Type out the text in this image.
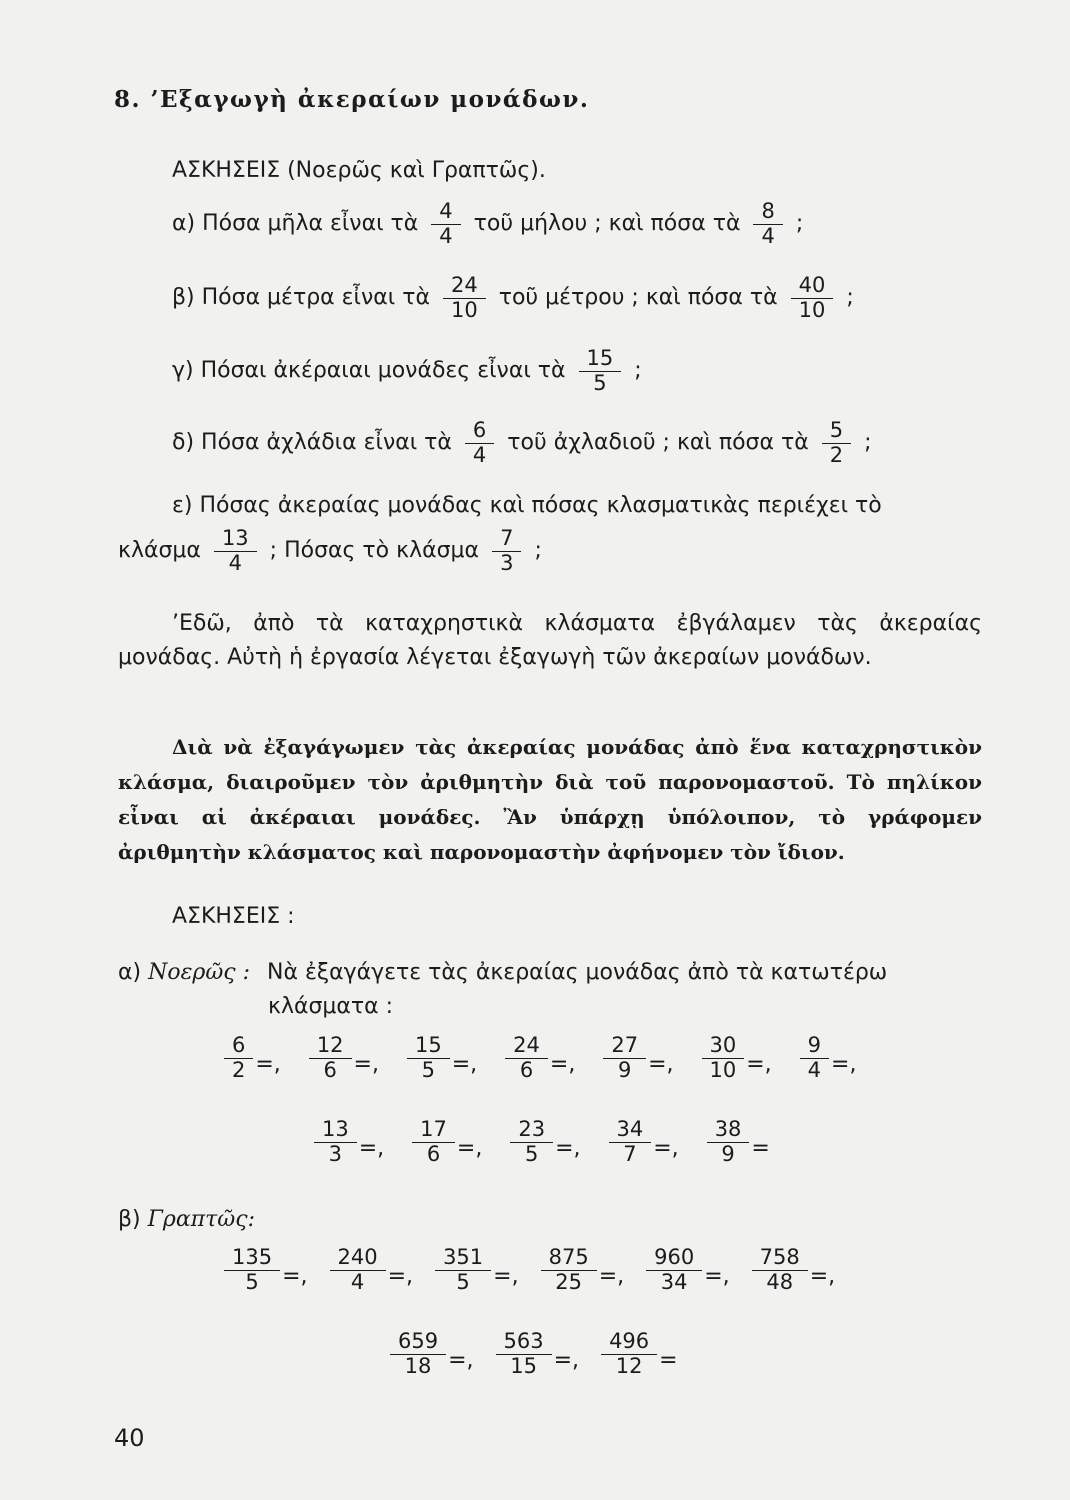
8. ’Εξαγωγὴ ἀκεραίων μονάδων.
ΑΣΚΗΣΕΙΣ (Νοερῶς καὶ Γραπτῶς).
α) Πόσα μῆλα εἶναι τὰ $\frac{4}{4}$ τοῦ μήλου ; καὶ πόσα τὰ $\frac{8}{4}$ ;
β) Πόσα μέτρα εἶναι τὰ $\frac{24}{10}$ τοῦ μέτρου ; καὶ πόσα τὰ $\frac{40}{10}$ ;
γ) Πόσαι ἀκέραιαι μονάδες εἶναι τὰ $\frac{15}{5}$ ;
δ) Πόσα ἀχλάδια εἶναι τὰ $\frac{6}{4}$ τοῦ ἀχλαδιοῦ ; καὶ πόσα τὰ $\frac{5}{2}$ ;
ε) Πόσας ἀκεραίας μονάδας καὶ πόσας κλασματικὰς περιέχει τὸ
κλάσμα $\frac{13}{4}$ ; Πόσας τὸ κλάσμα $\frac{7}{3}$ ;
’Εδῶ, ἀπὸ τὰ καταχρηστικὰ κλάσματα ἐβγάλαμεν τὰς ἀκεραίας μονάδας. Αὐτὴ ἡ ἐργασία λέγεται ἐξαγωγὴ τῶν ἀκεραίων μονάδων.
Διὰ νὰ ἐξαγάγωμεν τὰς ἀκεραίας μονάδας ἀπὸ ἕνα καταχρηστικὸν κλάσμα, διαιροῦμεν τὸν ἀριθμητὴν διὰ τοῦ παρονομαστοῦ. Τὸ πηλίκον εἶναι αἱ ἀκέραιαι μονάδες. Ἂν ὑπάρχῃ ὑπόλοιπον, τὸ γράφομεν ἀριθμητὴν κλάσματος καὶ παρονομαστὴν ἀφήνομεν τὸν ἴδιον.
ΑΣΚΗΣΕΙΣ :
α) Νοερῶς : Νὰ ἐξαγάγετε τὰς ἀκεραίας μονάδας ἀπὸ τὰ κατωτέρω
κλάσματα :
$\frac{6}{2}$ =, $\frac{12}{6}$ =, $\frac{15}{5}$ =, $\frac{24}{6}$ =, $\frac{27}{9}$ =, $\frac{30}{10}$ =, $\frac{9}{4}$ =,
$\frac{13}{3}$ =, $\frac{17}{6}$ =, $\frac{23}{5}$ =, $\frac{34}{7}$ =, $\frac{38}{9}$ =
β) Γραπτῶς:
$\frac{135}{5}$ =, $\frac{240}{4}$ =, $\frac{351}{5}$ =, $\frac{875}{25}$ =, $\frac{960}{34}$ =, $\frac{758}{48}$ =,
$\frac{659}{18}$ =, $\frac{563}{15}$ =, $\frac{496}{12}$ =
40
